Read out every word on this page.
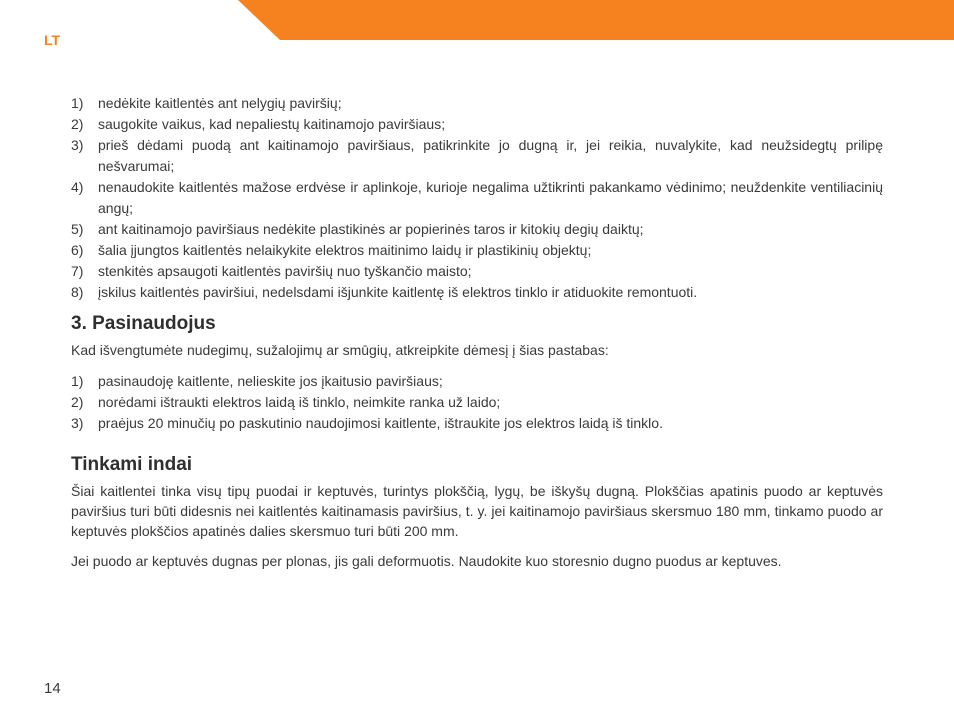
LT
1) nedėkite kaitlentės ant nelygių paviršių;
2) saugokite vaikus, kad nepaliestų kaitinamojo paviršiaus;
3) prieš dėdami puodą ant kaitinamojo paviršiaus, patikrinkite jo dugną ir, jei reikia, nuvalykite, kad neužsidegtų prilipę nešvarumai;
4) nenaudokite kaitlentės mažose erdvėse ir aplinkoje, kurioje negalima užtikrinti pakankamo vėdinimo; neuždenkite ventiliacinių angų;
5) ant kaitinamojo paviršiaus nedėkite plastikinės ar popierinės taros ir kitokių degių daiktų;
6) šalia įjungtos kaitlentės nelaikykite elektros maitinimo laidų ir plastikinių objektų;
7) stenkitės apsaugoti kaitlentės paviršių nuo tyškančio maisto;
8) įskilus kaitlentės paviršiui, nedelsdami išjunkite kaitlentę iš elektros tinklo ir atiduokite remontuoti.
3. Pasinaudojus

Kad išvengtumėte nudegimų, sužalojimų ar smūgių, atkreipkite dėmesį į šias pastabas:

1) pasinaudoję kaitlente, nelieskite jos įkaitusio paviršiaus;
2) norėdami ištraukti elektros laidą iš tinklo, neimkite ranka už laido;
3) praėjus 20 minučių po paskutinio naudojimosi kaitlente, ištraukite jos elektros laidą iš tinklo.
Tinkami indai

Šiai kaitlentei tinka visų tipų puodai ir keptuvės, turintys plokščią, lygų, be iškyšų dugną. Plokščias apatinis puodo ar keptuvės paviršius turi būti didesnis nei kaitlentės kaitinamasis paviršius, t. y. jei kaitinamojo paviršiaus skersmuo 180 mm, tinkamo puodo ar keptuvės plokščios apatinės dalies skersmuo turi būti 200 mm.

Jei puodo ar keptuvės dugnas per plonas, jis gali deformuotis. Naudokite kuo storesnio dugno puodus ar keptuves.

14
